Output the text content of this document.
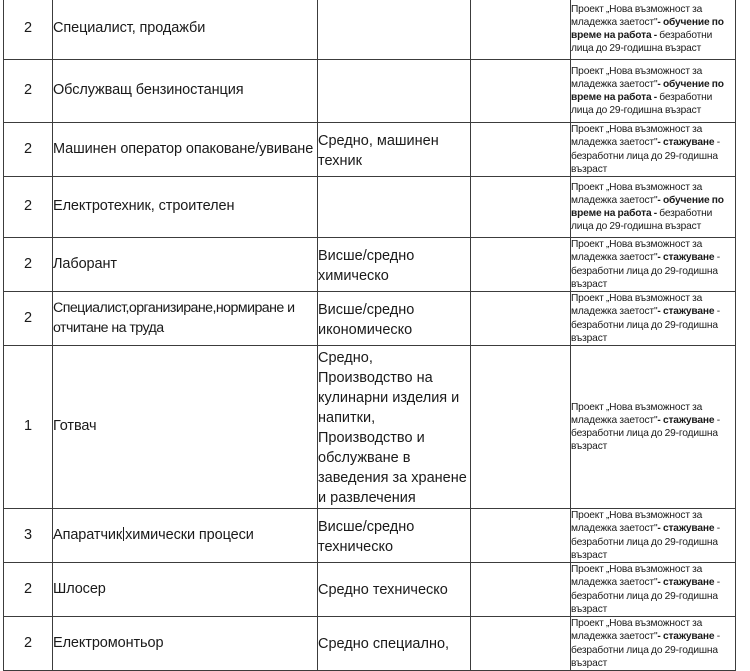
2	Специалист, продажби			Проект „Нова възможност за младежка заетост"- обучение по време на работа - безработни лица до 29-годишна възраст
2	Обслужващ бензиностанция			Проект „Нова възможност за младежка заетост"- обучение по време на работа - безработни лица до 29-годишна възраст
2	Машинен оператор опаковане/увиване	Средно, машинен техник		Проект „Нова възможност за младежка заетост"- стажуване - безработни лица до 29-годишна възраст
2	Електротехник, строителен			Проект „Нова възможност за младежка заетост"- обучение по време на работа - безработни лица до 29-годишна възраст
2	Лаборант	Висше/средно химическо		Проект „Нова възможност за младежка заетост"- стажуване - безработни лица до 29-годишна възраст
2	Специалист,организиране,нормиране и отчитане на труда	Висше/средно икономическо		Проект „Нова възможност за младежка заетост"- стажуване - безработни лица до 29-годишна възраст
1	Готвач	Средно, Производство на кулинарни изделия и напитки, Производство и обслужване в заведения за хранене и развлечения		Проект „Нова възможност за младежка заетост"- стажуване - безработни лица до 29-годишна възраст
3	Апаратчик химически процеси	Висше/средно техническо		Проект „Нова възможност за младежка заетост"- стажуване - безработни лица до 29-годишна възраст
2	Шлосер	Средно техническо		Проект „Нова възможност за младежка заетост"- стажуване - безработни лица до 29-годишна възраст
2	Електромонтьор	Средно специално,		Проект „Нова възможност за младежка заетост"- стажуване - безработни лица до 29-годишна възраст
